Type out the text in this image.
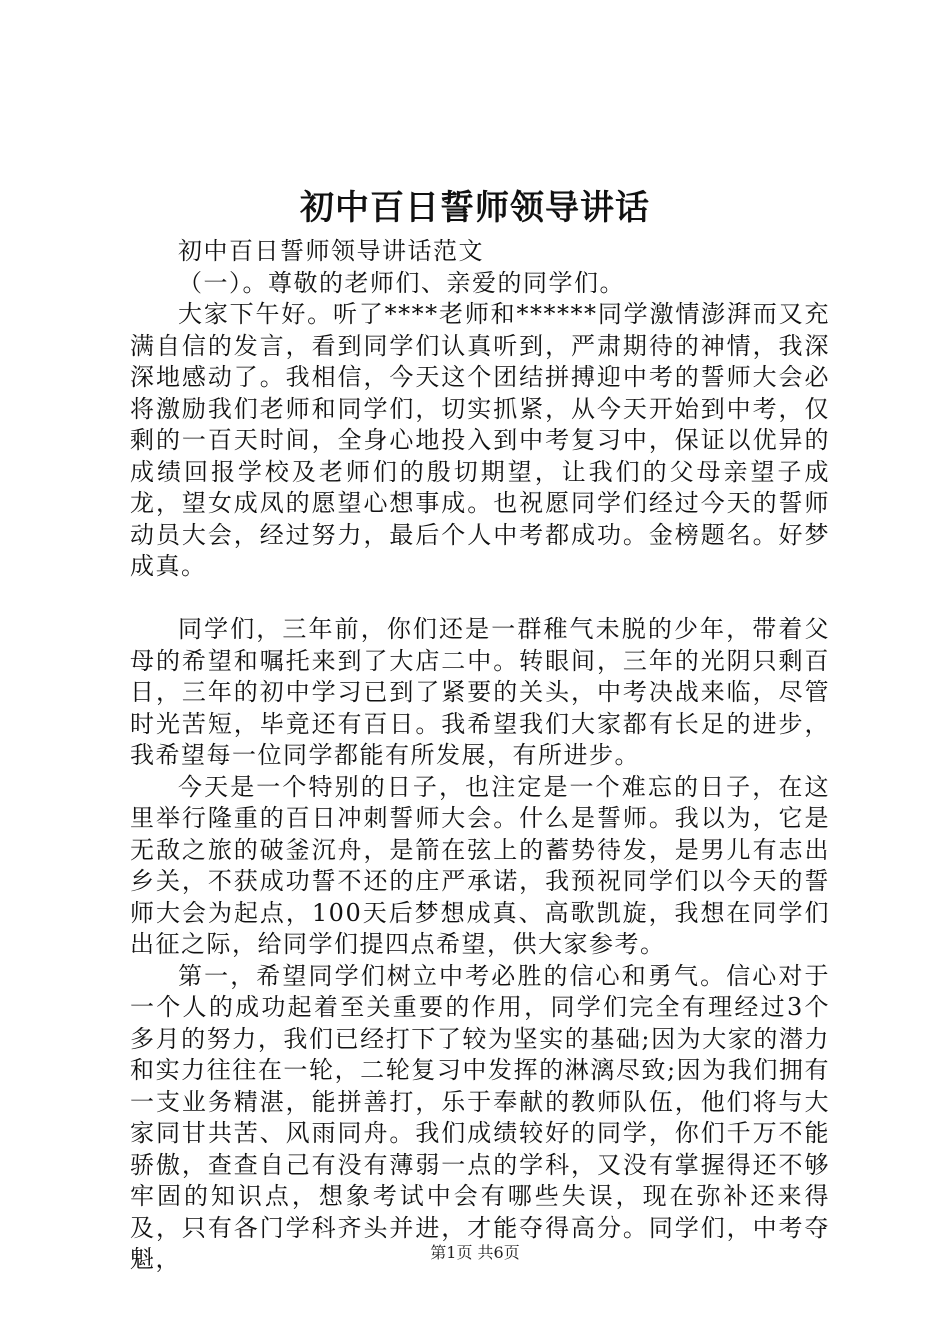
初中百日誓师领导讲话

初中百日誓师领导讲话范文

（一）。尊敬的老师们、亲爱的同学们。

大家下午好。听了****老师和******同学激情澎湃而又充满自信的发言，看到同学们认真听到，严肃期待的神情，我深深地感动了。我相信，今天这个团结拼搏迎中考的誓师大会必将激励我们老师和同学们，切实抓紧，从今天开始到中考，仅剩的一百天时间，全身心地投入到中考复习中，保证以优异的成绩回报学校及老师们的殷切期望，让我们的父母亲望子成龙，望女成凤的愿望心想事成。也祝愿同学们经过今天的誓师动员大会，经过努力，最后个人中考都成功。金榜题名。好梦成真。

同学们，三年前，你们还是一群稚气未脱的少年，带着父母的希望和嘱托来到了大店二中。转眼间，三年的光阴只剩百日，三年的初中学习已到了紧要的关头，中考决战来临，尽管时光苦短，毕竟还有百日。我希望我们大家都有长足的进步，我希望每一位同学都能有所发展，有所进步。

今天是一个特别的日子，也注定是一个难忘的日子，在这里举行隆重的百日冲刺誓师大会。什么是誓师。我以为，它是无敌之旅的破釜沉舟，是箭在弦上的蓄势待发，是男儿有志出乡关，不获成功誓不还的庄严承诺，我预祝同学们以今天的誓师大会为起点，100天后梦想成真、高歌凯旋，我想在同学们出征之际，给同学们提四点希望，供大家参考。

第一，希望同学们树立中考必胜的信心和勇气。信心对于一个人的成功起着至关重要的作用，同学们完全有理经过3个多月的努力，我们已经打下了较为坚实的基础;因为大家的潜力和实力往往在一轮，二轮复习中发挥的淋漓尽致;因为我们拥有一支业务精湛，能拼善打，乐于奉献的教师队伍，他们将与大家同甘共苦、风雨同舟。我们成绩较好的同学，你们千万不能骄傲，查查自己有没有薄弱一点的学科，又没有掌握得还不够牢固的知识点，想象考试中会有哪些失误，现在弥补还来得及，只有各门学科齐头并进，才能夺得高分。同学们，中考夺魁，	第1页 共6页
